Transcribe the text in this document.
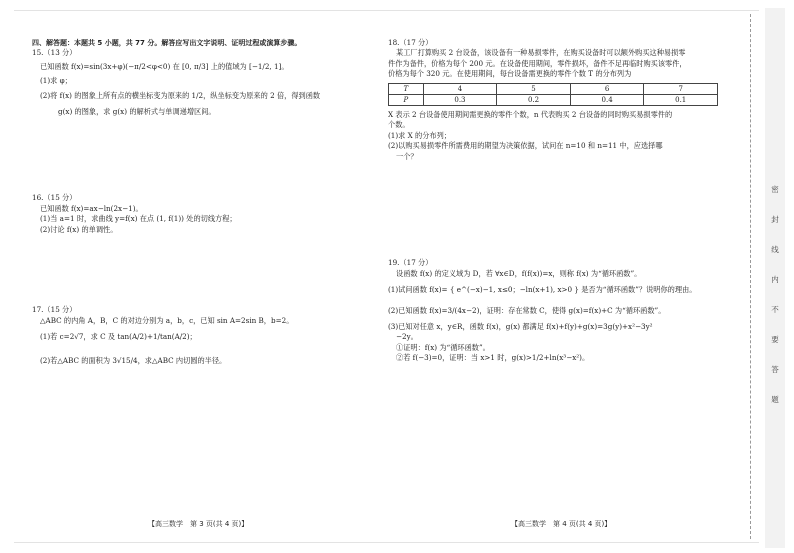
四、解答题：本题共 5 小题，共 77 分。解答应写出文字说明、证明过程或演算步骤。

15.（13 分）

已知函数 f(x)=sin(3x+φ)(−π/2<φ<0) 在 [0, π/3] 上的值域为 [−1/2, 1]。

(1)求 φ；

(2)将 f(x) 的图象上所有点的横坐标变为原来的 1/2，纵坐标变为原来的 2 倍，得到函数

g(x) 的图象，求 g(x) 的解析式与单调递增区间。

16.（15 分）

已知函数 f(x)=ax−ln(2x−1)。

(1)当 a=1 时，求曲线 y=f(x) 在点 (1, f(1)) 处的切线方程；

(2)讨论 f(x) 的单调性。

17.（15 分）

△ABC 的内角 A，B，C 的对边分别为 a，b，c，已知 sin A=2sin B，b=2。

(1)若 c=2√7，求 C 及 tan(A/2)+1/tan(A/2)；

(2)若△ABC 的面积为 3√15/4，求△ABC 内切圆的半径。

18.（17 分）

某工厂打算购买 2 台设备，该设备有一种易损零件，在购买设备时可以额外购买这种易损零

件作为备件，价格为每个 200 元。在设备使用期间，零件损坏，备件不足再临时购买该零件，

价格为每个 320 元。在使用期间，每台设备需更换的零件个数 T 的分布列为

T	4	5	6	7
P	0.3	0.2	0.4	0.1

X 表示 2 台设备使用期间需更换的零件个数，n 代表购买 2 台设备的同时购买易损零件的

个数。

(1)求 X 的分布列；

(2)以购买易损零件所需费用的期望为决策依据，试问在 n=10 和 n=11 中，应选择哪

一个？

19.（17 分）

设函数 f(x) 的定义域为 D，若 ∀x∈D，f(f(x))=x，则称 f(x) 为“循环函数”。

(1)试问函数 f(x)= { e^(−x)−1, x≤0；−ln(x+1), x>0 } 是否为“循环函数”？说明你的理由。

(2)已知函数 f(x)=3/(4x−2)，证明：存在常数 C，使得 g(x)=f(x)+C 为“循环函数”。

(3)已知对任意 x，y∈R，函数 f(x)，g(x) 都满足 f(x)+f(y)+g(x)=3g(y)+x²−3y²

−2y。

①证明：f(x) 为“循环函数”。

②若 f(−3)=0，证明：当 x>1 时，g(x)>1/2+ln(x³−x²)。

【高三数学　第 3 页(共 4 页)】	【高三数学　第 4 页(共 4 页)】
密
封
线
内
不
要
答
题
